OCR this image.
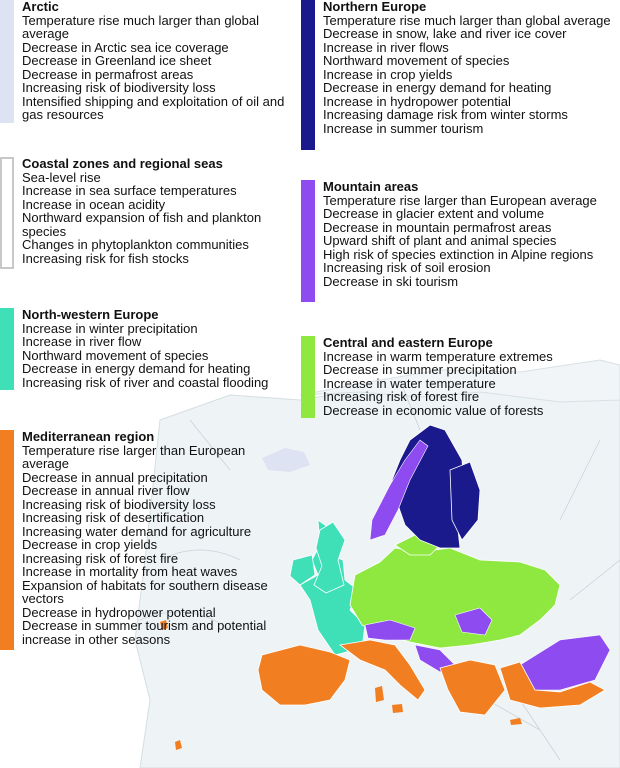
Arctic
Temperature rise much larger than global average
Decrease in Arctic sea ice coverage
Decrease in Greenland ice sheet
Decrease in permafrost areas
Increasing risk of biodiversity loss
Intensified shipping and exploitation of oil and gas resources
Northern Europe
Temperature rise much larger than global average
Decrease in snow, lake and river ice cover
Increase in river flows
Northward movement of species
Increase in crop yields
Decrease in energy demand for heating
Increase in hydropower potential
Increasing damage risk from winter storms
Increase in summer tourism
Coastal zones and regional seas
Sea-level rise
Increase in sea surface temperatures
Increase in ocean acidity
Northward expansion of fish and plankton species
Changes in phytoplankton communities
Increasing risk for fish stocks
Mountain areas
Temperature rise larger than European average
Decrease in glacier extent and volume
Decrease in mountain permafrost areas
Upward shift of plant and animal species
High risk of species extinction in Alpine regions
Increasing risk of soil erosion
Decrease in ski tourism
North-western Europe
Increase in winter precipitation
Increase in river flow
Northward movement of species
Decrease in energy demand for heating
Increasing risk of river and coastal flooding
Central and eastern Europe
Increase in warm temperature extremes
Decrease in summer precipitation
Increase in water temperature
Increasing risk of forest fire
Decrease in economic value of forests
Mediterranean region
Temperature rise larger than European average
Decrease in annual precipitation
Decrease in annual river flow
Increasing risk of biodiversity loss
Increasing risk of desertification
Increasing water demand for agriculture
Decrease in crop yields
Increasing risk of forest fire
Increase in mortality from heat waves
Expansion of habitats for southern disease vectors
Decrease in hydropower potential
Decrease in summer tourism and potential increase in other seasons
